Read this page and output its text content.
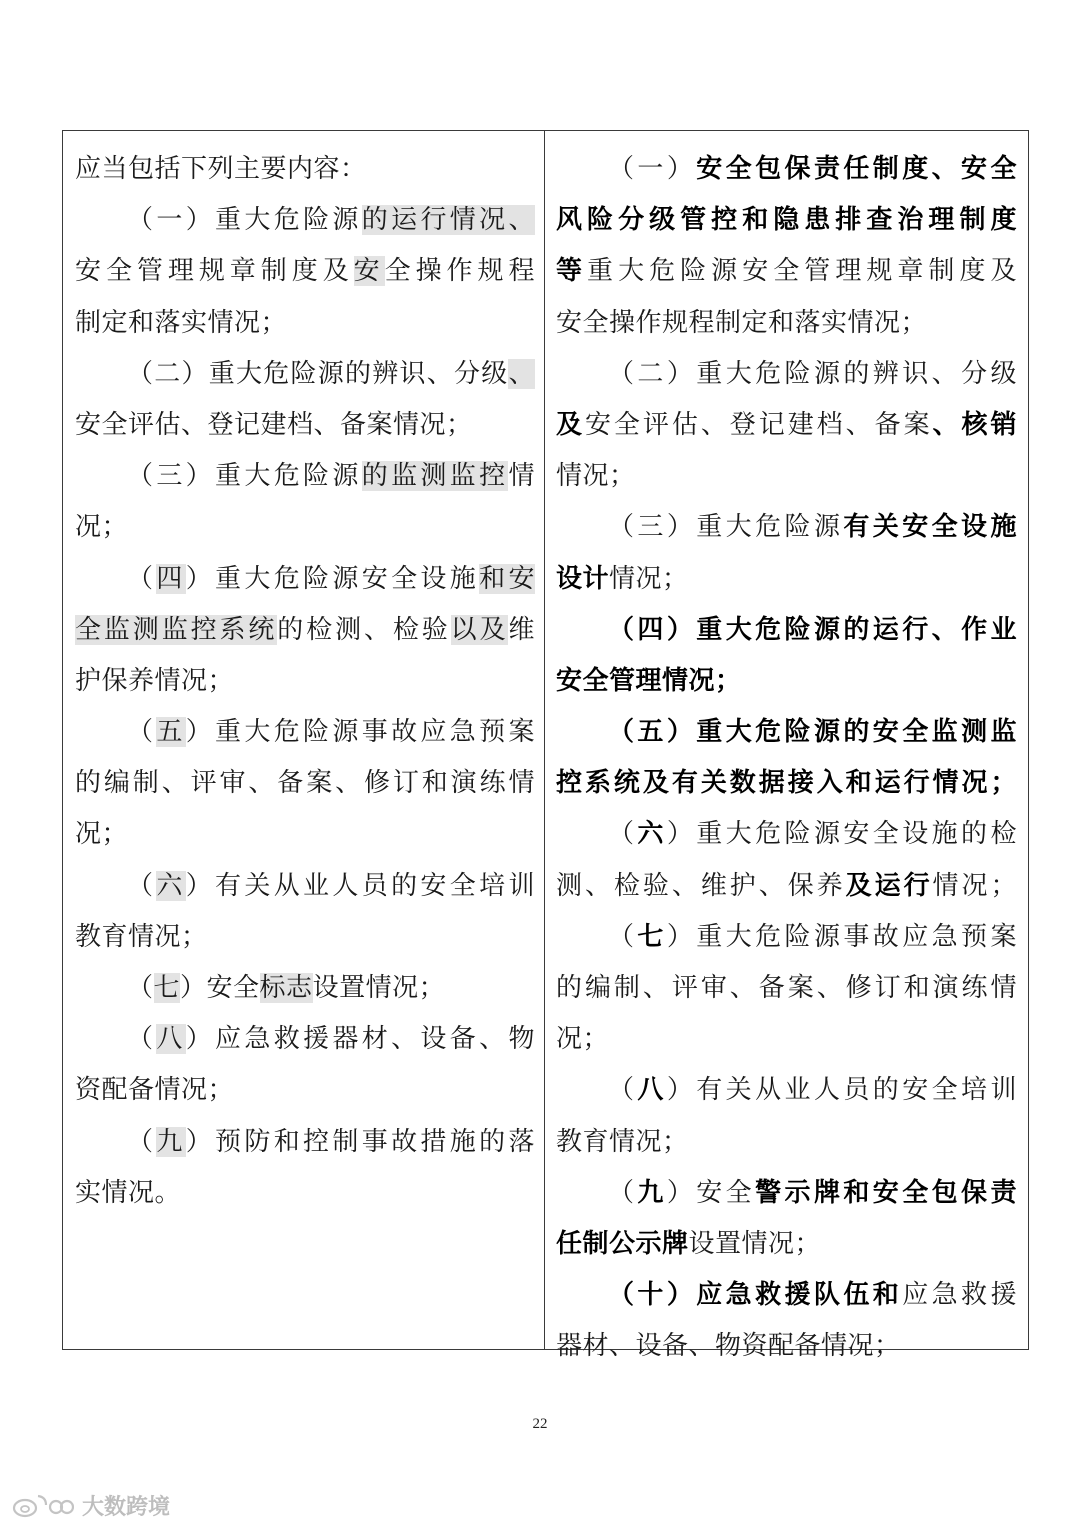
应当包括下列主要内容：
（一）重大危险源的运行情况、
安全管理规章制度及安全操作规程
制定和落实情况；
（二）重大危险源的辨识、分级、
安全评估、登记建档、备案情况；
（三）重大危险源的监测监控情
况；
（四）重大危险源安全设施和安
全监测监控系统的检测、检验以及维
护保养情况；
（五）重大危险源事故应急预案
的编制、评审、备案、修订和演练情
况；
（六）有关从业人员的安全培训
教育情况；
（七）安全标志设置情况；
（八）应急救援器材、设备、物
资配备情况；
（九）预防和控制事故措施的落
实情况。
（一）安全包保责任制度、安全
风险分级管控和隐患排查治理制度
等重大危险源安全管理规章制度及
安全操作规程制定和落实情况；
（二）重大危险源的辨识、分级
及安全评估、登记建档、备案、核销
情况；
（三）重大危险源有关安全设施
设计情况；
（四）重大危险源的运行、作业
安全管理情况；
（五）重大危险源的安全监测监
控系统及有关数据接入和运行情况；
（六）重大危险源安全设施的检
测、检验、维护、保养及运行情况；
（七）重大危险源事故应急预案
的编制、评审、备案、修订和演练情
况；
（八）有关从业人员的安全培训
教育情况；
（九）安全警示牌和安全包保责
任制公示牌设置情况；
（十）应急救援队伍和应急救援
器材、设备、物资配备情况；
22
大数跨境
